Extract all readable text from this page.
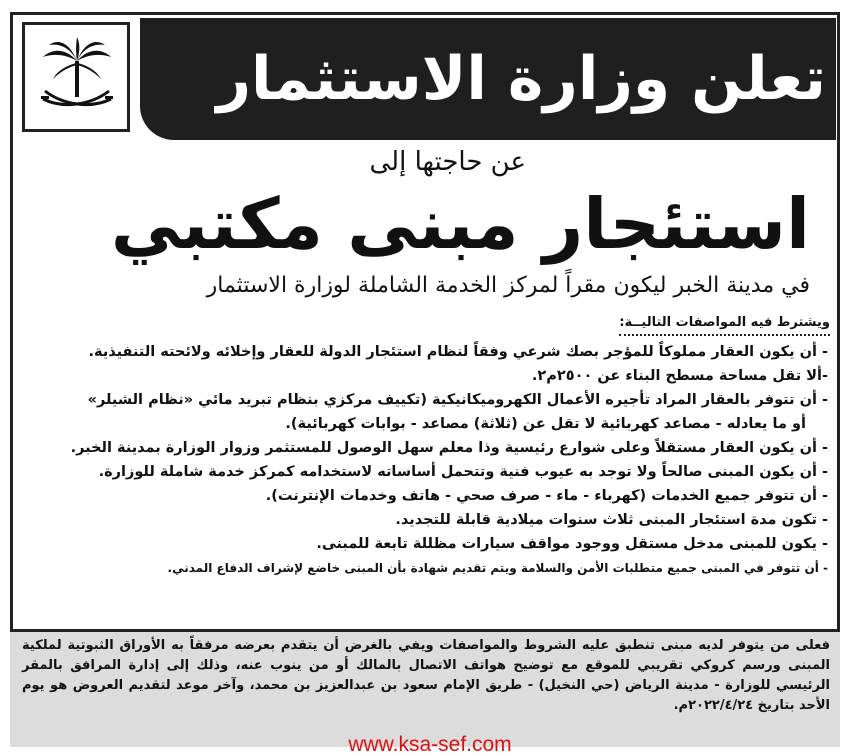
تعلن وزارة الاستثمار
عن حاجتها إلى
استئجار مبنى مكتبي
في مدينة الخبر ليكون مقراً لمركز الخدمة الشاملة لوزارة الاستثمار
ويشترط فيه المواصفات التاليــة:
- أن يكون العقار مملوكاً للمؤجر بصك شرعي وفقاً لنظام استئجار الدولة للعقار وإخلائه ولائحته التنفيذية.
-ألا تقل مساحة مسطح البناء عن ٢٥٠٠م٢.
- أن تتوفر بالعقار المراد تأجيره الأعمال الكهروميكانيكية (تكييف مركزي بنظام تبريد مائي «نظام الشيلر»
أو ما يعادله - مصاعد كهربائية لا تقل عن (ثلاثة) مصاعد - بوابات كهربائية).
- أن يكون العقار مستقلاً وعلى شوارع رئيسية وذا معلم سهل الوصول للمستثمر وزوار الوزارة بمدينة الخبر.
- أن يكون المبنى صالحاً ولا توجد به عيوب فنية وتتحمل أساساته لاستخدامه كمركز خدمة شاملة للوزارة.
- أن تتوفر جميع الخدمات (كهرباء - ماء - صرف صحي - هاتف وخدمات الإنترنت).
- تكون مدة استئجار المبنى ثلاث سنوات ميلادية قابلة للتجديد.
- يكون للمبنى مدخل مستقل ووجود مواقف سيارات مظللة تابعة للمبنى.
- أن تتوفر في المبنى جميع متطلبات الأمن والسلامة ويتم تقديم شهادة بأن المبنى خاضع لإشراف الدفاع المدني.
فعلى من يتوفر لديه مبنى تنطبق عليه الشروط والمواصفات ويفي بالغرض أن يتقدم بعرضه مرفقاً به الأوراق الثبوتية لملكية المبنى ورسم كروكي تقريبي للموقع مع توضيح هواتف الاتصال بالمالك أو من ينوب عنه، وذلك إلى إدارة المرافق بالمقر الرئيسي للوزارة - مدينة الرياض (حي النخيل) - طريق الإمام سعود بن عبدالعزيز بن محمد، وآخر موعد لتقديم العروض هو يوم الأحد بتاريخ ٢٠٢٢/٤/٢٤م.
www.ksa-sef.com
